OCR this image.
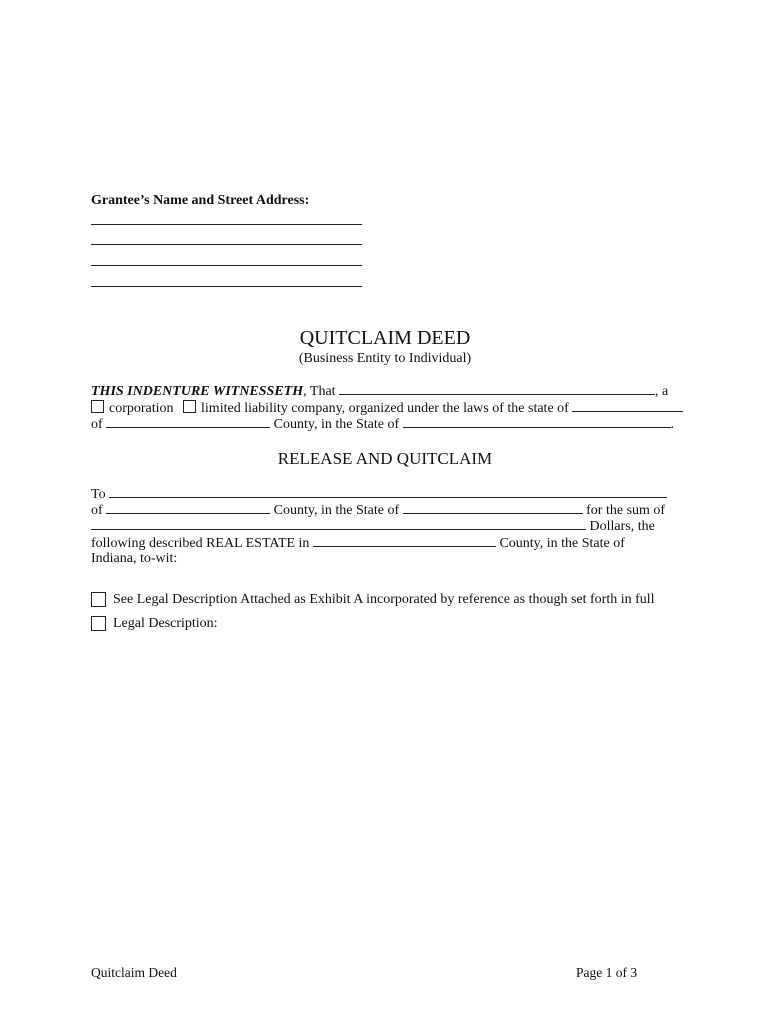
Grantee’s Name and Street Address:
QUITCLAIM DEED
(Business Entity to Individual)
THIS INDENTURE WITNESSETH, That	, a
corporation limited liability company, organized under the laws of the state of
of	County, in the State of	.
RELEASE AND QUITCLAIM
To
of	County, in the State of	for the sum of
Dollars, the
following described REAL ESTATE in	County, in the State of
Indiana, to-wit:
See Legal Description Attached as Exhibit A incorporated by reference as though set forth in full
Legal Description:
Quitclaim Deed	Page 1 of 3
